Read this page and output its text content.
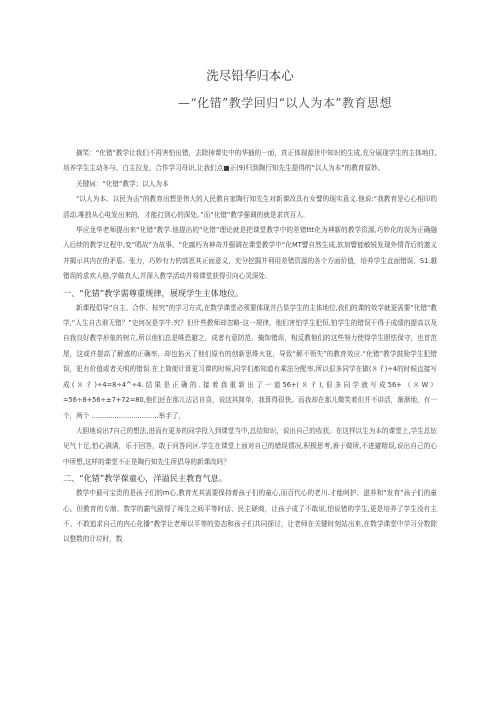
洗尽铅华归本心
—“化错”教学回归“以人为本”教育思想

摘笑：“化错”教学让我们不再害怕出错，去除掉课史中的华插的一面，真正体现源世中知识的生成,充分展现学生的主体地住,培养学生主动冬与、白主拉龙、合作学习母识,让我们点■正(9)归到陶行知先生提得的“以人为本”的教育原妙。

关键词：“化错”教学；以人为本

“以人为本、以民为击”的教育出想是伟大的人民教自家陶行知先生对新课改具有女譬的现实意义.他说:“我教育是心心相印的活动.唯独从心电发出来的，才能打到心的深处。”而“化错”教学强调的就是求真百人.

华应龙华老师提出来“化错”教学.他提出的“化错”理论就是把课堂教学中的差错ttt化为神新的教学资源,巧妙化的误为正确融入后续的教学过程中,变“唱故”为故事，“化腐朽为神奇并强调在课堂教学中“化MT譬自然生成,软加譬能敏锐发现外情背后的邀义并揭示其内在的矛盾、张力，巧妙有力的郭思其正面意义，充分挖掘并利用差错资源的各个方面价值，培养学生直面错误、S1.越错误的求欢人格,学做真人,并深入教学活动并将课堂获得引向心灵深处.

一、“化错”教学需尊重规律，展现学生主体地位。

新课程倡导“自主、合作、棕究”的学习方式,在数学课堂必须要体现并凸显学生的主体地位,我们的课的效学就更需要“化错”教学,“人生自古谁无错？”史何况是学牛.究？但什些教师却忽略-这一规律，他们害怕学生犯恒,怕学生的错误干得于成绩的提高以及自我良好教学形象的树立,所以他们总是唯恐避之，成者有意防范、掩饰错误，相反教他们的这些努力使得学生胆怯保守，也首范尾，这或许提高了解惑的正确率，却也掐灭了他们原有的创新思维火花，导致“解不领失”的教育效应.“化错”教学鼓励学生犯错误，犯有价值或者关明的错误.在上简便计算更习课的时候,同学们都知道有乘法分配率,所以很多同学在做(８彳)÷4的时候直接写成(８彳)÷4=8÷4^÷4.结果是正确的.接着我重新出了一道56+(８彳),很多同学就写成56+（８W）=56÷8+56÷±7+72=80,他们还在那儿沾沾自喜，说这其简单，我算得很快。而我却在那儿微笑着但并不讲活，渐渐地，有一个，两个 ................................举手了，

大胆地说出7自己的想法,进而有更多的同学投入到课堂当中,总结知识，说出自己的收获。在这样以生为本的课堂上,学生总钻见气十足,怕心满满，乐于回答，敢于问答问区.学生在课堂上面对自己的错误情况,积极思考,善于做所,不进避精误,说出自己的心中所想,这样的课堂不正是陶行知先生所倡导的新课改吗？

二、“化错”教学葆童心，洋溢民主教育气息。

教学中最可宝贵的是孩子们的m心,教育尤其需要保持着孩子们的童心,而百代心的老川.才能呵护、滋养和“发育”孩子们的童心。但教育的专制、数学的霸气剧得了师生之间平等时话、民主磋商，让孩子成了不敢说,怕说错的学生,更是培养了学生没有主不、不敢追求自己的内心化播“教学让老师以平等的姿态和孩子们共同探讨，让老师在关键时刻站出来,在数学课堂中学习分数除以整数的计垃时，数
